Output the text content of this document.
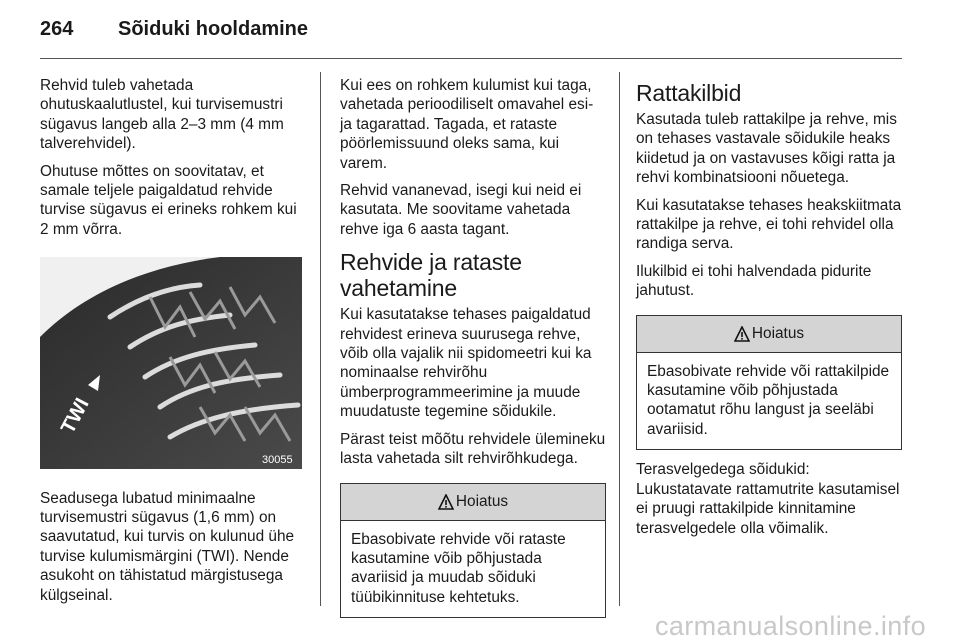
264	Sõiduki hooldamine

Rehvid tuleb vahetada ohutuskaalutlustel, kui turvisemustri sügavus langeb alla 2–3 mm (4 mm talverehvidel).

Ohutuse mõttes on soovitatav, et samale teljele paigaldatud rehvide turvise sügavus ei erineks rohkem kui 2 mm võrra.

TWI
30055

Seadusega lubatud minimaalne turvisemustri sügavus (1,6 mm) on saavutatud, kui turvis on kulunud ühe turvise kulumismärgini (TWI). Nende asukoht on tähistatud märgistusega külgseinal.

Kui ees on rohkem kulumist kui taga, vahetada perioodiliselt omavahel esi- ja tagarattad. Tagada, et rataste pöörlemissuund oleks sama, kui varem.

Rehvid vananevad, isegi kui neid ei kasutata. Me soovitame vahetada rehve iga 6 aasta tagant.

Rehvide ja rataste vahetamine

Kui kasutatakse tehases paigaldatud rehvidest erineva suurusega rehve, võib olla vajalik nii spidomeetri kui ka nominaalse rehvirõhu ümberprogrammeerimine ja muude muudatuste tegemine sõidukile.

Pärast teist mõõtu rehvidele ülemineku lasta vahetada silt rehvirõhkudega.

Hoiatus
Ebasobivate rehvide või rataste kasutamine võib põhjustada avariisid ja muudab sõiduki tüübikinnituse kehtetuks.
Rattakilbid

Kasutada tuleb rattakilpe ja rehve, mis on tehases vastavale sõidukile heaks kiidetud ja on vastavuses kõigi ratta ja rehvi kombinatsiooni nõuetega.

Kui kasutatakse tehases heakskiitmata rattakilpe ja rehve, ei tohi rehvidel olla randiga serva.

Ilukilbid ei tohi halvendada pidurite jahutust.

Hoiatus
Ebasobivate rehvide või rattakilpide kasutamine võib põhjustada ootamatut rõhu langust ja seeläbi avariisid.

Terasvelgedega sõidukid: Lukustatavate rattamutrite kasutamisel ei pruugi rattakilpide kinnitamine terasvelgedele olla võimalik.

carmanualsonline.info
